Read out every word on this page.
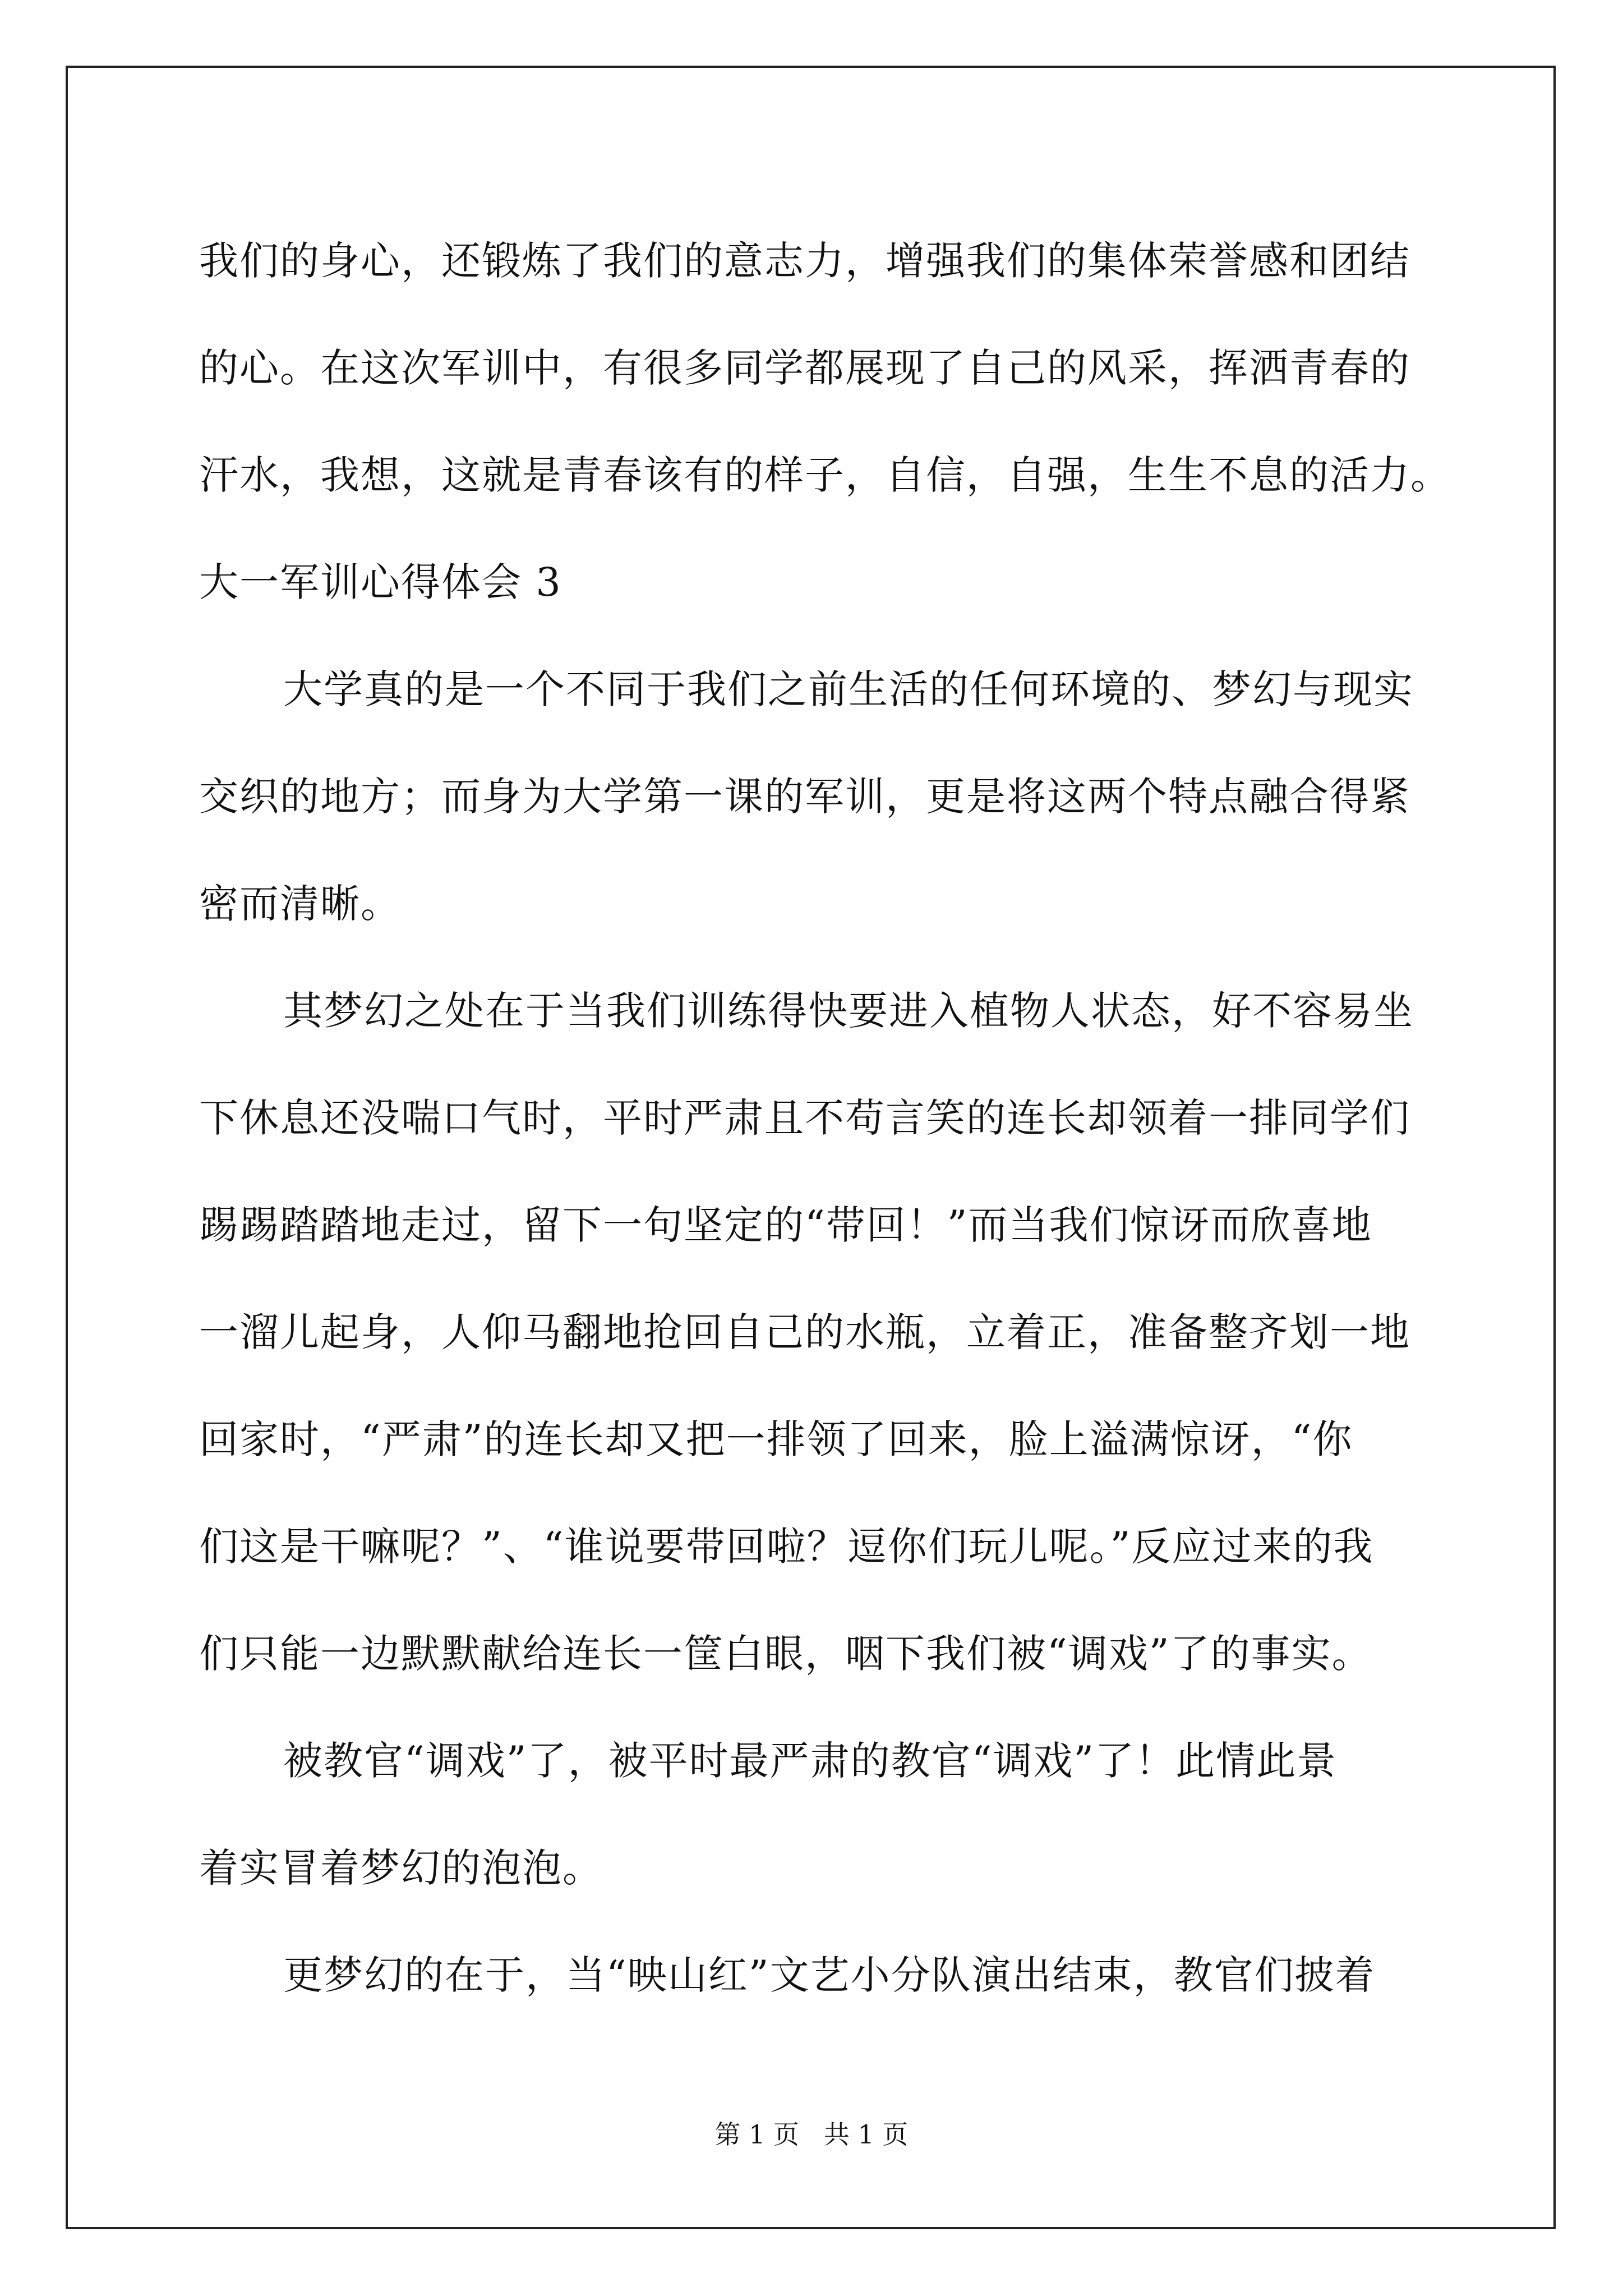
我们的身心，还锻炼了我们的意志力，增强我们的集体荣誉感和团结
的心。在这次军训中，有很多同学都展现了自己的风采，挥洒青春的
汗水，我想，这就是青春该有的样子，自信，自强，生生不息的活力。
大一军训心得体会 3
大学真的是一个不同于我们之前生活的任何环境的、梦幻与现实
交织的地方；而身为大学第一课的军训，更是将这两个特点融合得紧
密而清晰。
其梦幻之处在于当我们训练得快要进入植物人状态，好不容易坐
下休息还没喘口气时，平时严肃且不苟言笑的连长却领着一排同学们
踢踢踏踏地走过，留下一句坚定的“带回！”而当我们惊讶而欣喜地
一溜儿起身，人仰马翻地抢回自己的水瓶，立着正，准备整齐划一地
回家时，“严肃”的连长却又把一排领了回来，脸上溢满惊讶，“你
们这是干嘛呢？”、“谁说要带回啦？逗你们玩儿呢。”反应过来的我
们只能一边默默献给连长一筐白眼，咽下我们被“调戏”了的事实。
被教官“调戏”了，被平时最严肃的教官“调戏”了！此情此景
着实冒着梦幻的泡泡。
更梦幻的在于，当“映山红”文艺小分队演出结束，教官们披着
第 1 页   共 1 页
